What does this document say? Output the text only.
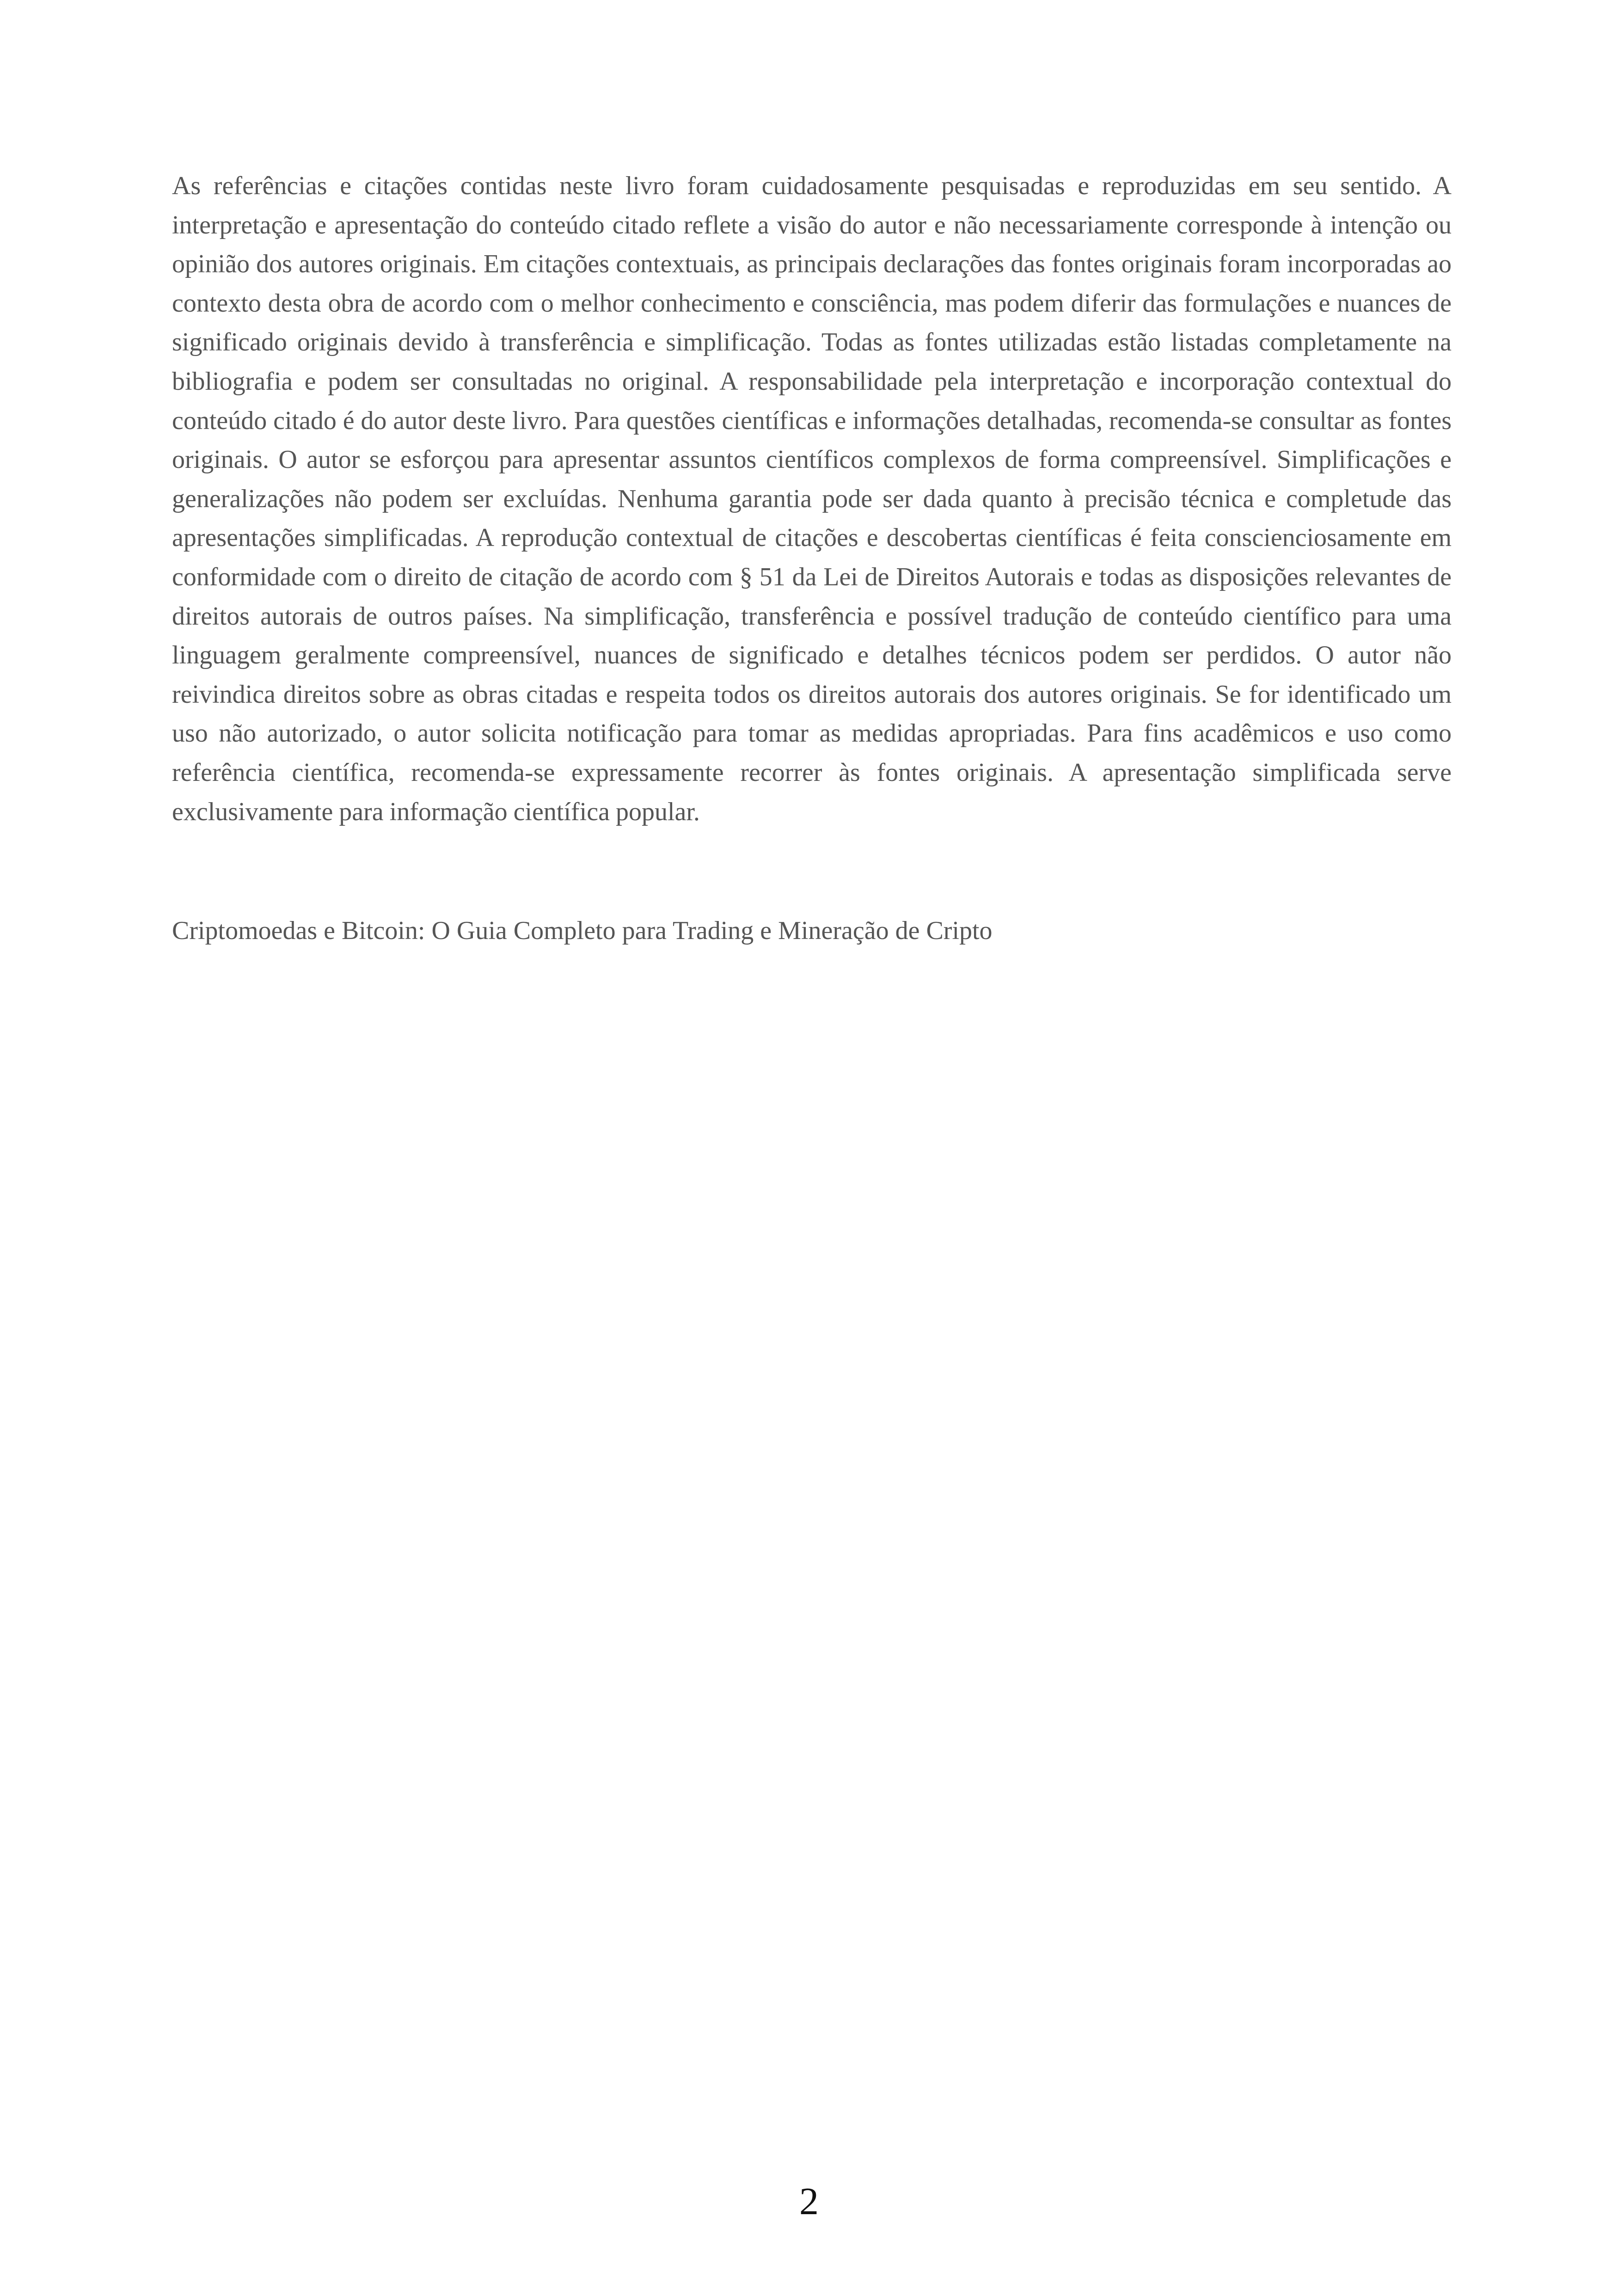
As referências e citações contidas neste livro foram cuidadosamente pesquisadas e reproduzidas em seu sentido. A interpretação e apresentação do conteúdo citado reflete a visão do autor e não necessariamente corresponde à intenção ou opinião dos autores originais. Em citações contextuais, as principais declarações das fontes originais foram incorporadas ao contexto desta obra de acordo com o melhor conhecimento e consciência, mas podem diferir das formulações e nuances de significado originais devido à transferência e simplificação. Todas as fontes utilizadas estão listadas completamente na bibliografia e podem ser consultadas no original. A responsabilidade pela interpretação e incorporação contextual do conteúdo citado é do autor deste livro. Para questões científicas e informações detalhadas, recomenda-se consultar as fontes originais. O autor se esforçou para apresentar assuntos científicos complexos de forma compreensível. Simplificações e generalizações não podem ser excluídas. Nenhuma garantia pode ser dada quanto à precisão técnica e completude das apresentações simplificadas. A reprodução contextual de citações e descobertas científicas é feita conscienciosamente em conformidade com o direito de citação de acordo com § 51 da Lei de Direitos Autorais e todas as disposições relevantes de direitos autorais de outros países. Na simplificação, transferência e possível tradução de conteúdo científico para uma linguagem geralmente compreensível, nuances de significado e detalhes técnicos podem ser perdidos. O autor não reivindica direitos sobre as obras citadas e respeita todos os direitos autorais dos autores originais. Se for identificado um uso não autorizado, o autor solicita notificação para tomar as medidas apropriadas. Para fins acadêmicos e uso como referência científica, recomenda-se expressamente recorrer às fontes originais. A apresentação simplificada serve exclusivamente para informação científica popular.

Criptomoedas e Bitcoin: O Guia Completo para Trading e Mineração de Cripto

2
